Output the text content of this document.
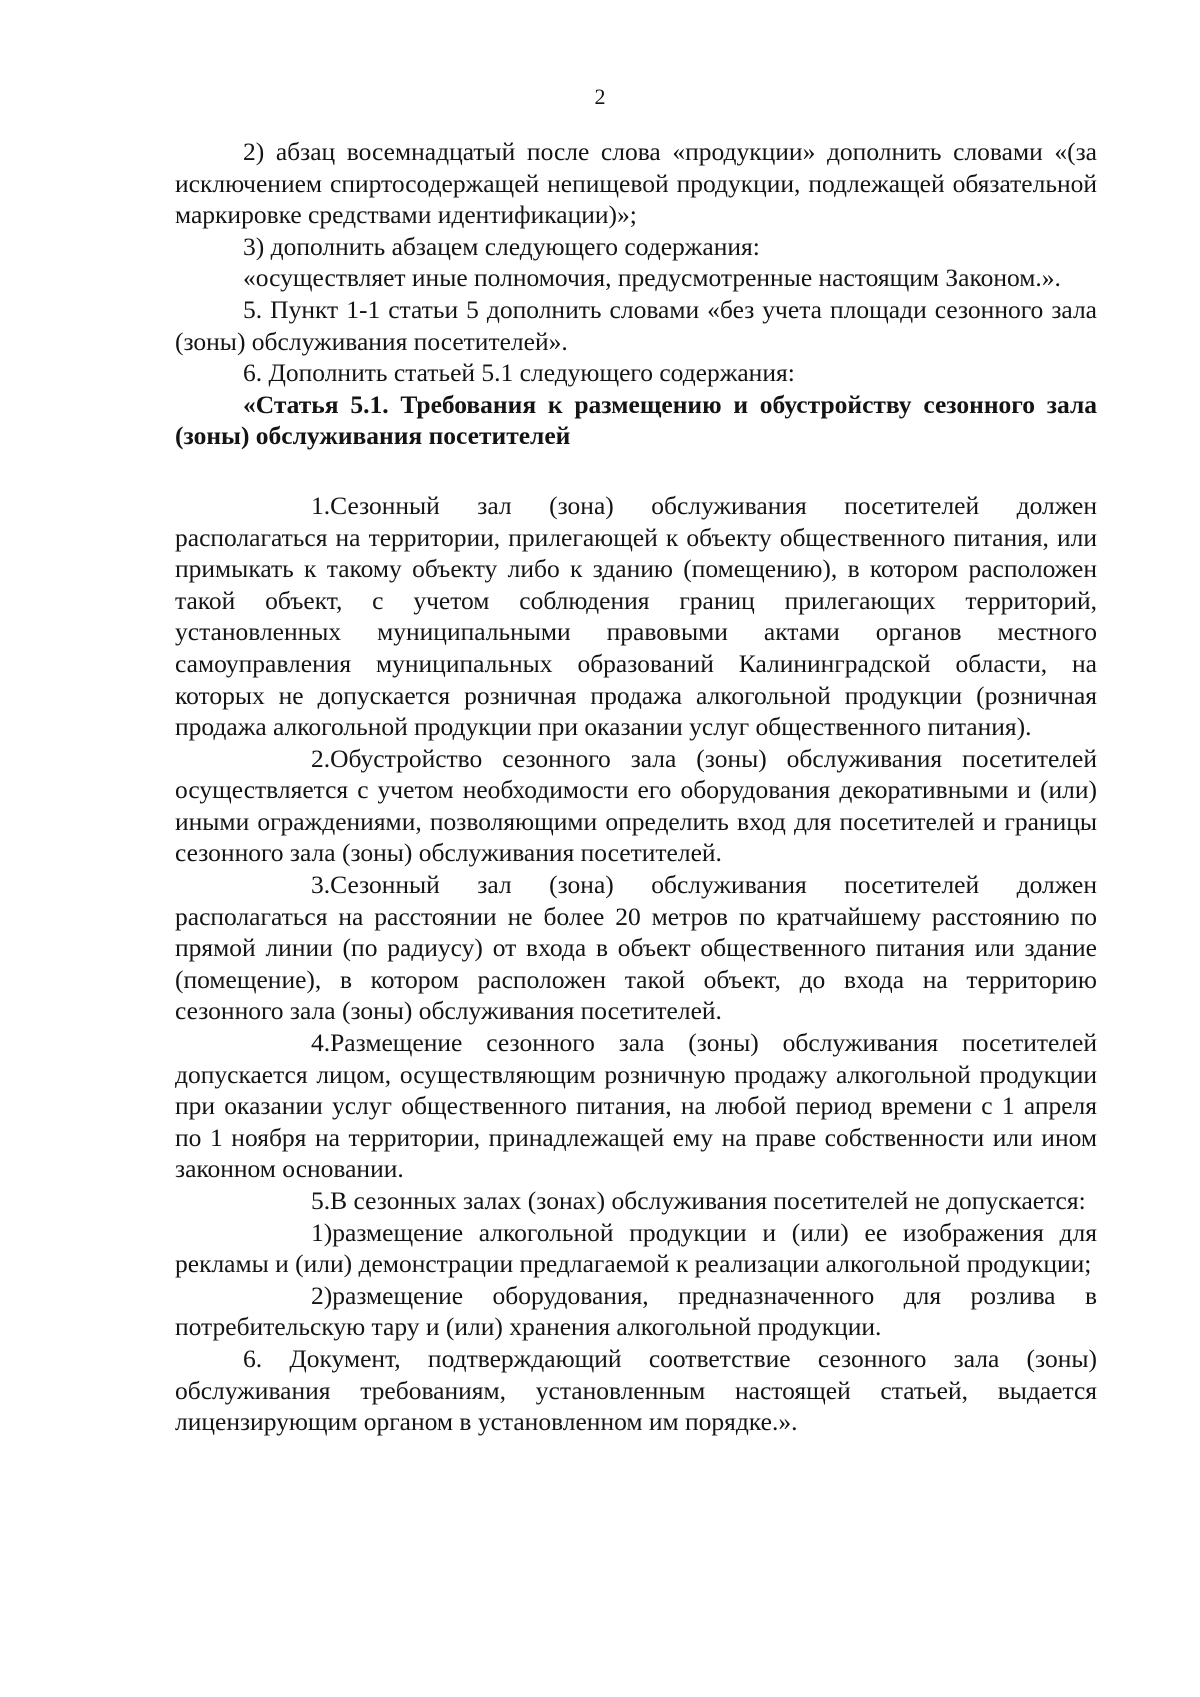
2

2) абзац восемнадцатый после слова «продукции» дополнить словами «(за исключением спиртосодержащей непищевой продукции, подлежащей обязательной маркировке средствами идентификации)»;

3) дополнить абзацем следующего содержания:

«осуществляет иные полномочия, предусмотренные настоящим Законом.».

5. Пункт 1-1 статьи 5 дополнить словами «без учета площади сезонного зала (зоны) обслуживания посетителей».

6. Дополнить статьей 5.1 следующего содержания:

«Статья 5.1. Требования к размещению и обустройству сезонного зала (зоны) обслуживания посетителей

1.Сезонный зал (зона) обслуживания посетителей должен располагаться на территории, прилегающей к объекту общественного питания, или примыкать к такому объекту либо к зданию (помещению), в котором расположен такой объект, с учетом соблюдения границ прилегающих территорий, установленных муниципальными правовыми актами органов местного самоуправления муниципальных образований Калининградской области, на которых не допускается розничная продажа алкогольной продукции (розничная продажа алкогольной продукции при оказании услуг общественного питания).

2.Обустройство сезонного зала (зоны) обслуживания посетителей осуществляется с учетом необходимости его оборудования декоративными и (или) иными ограждениями, позволяющими определить вход для посетителей и границы сезонного зала (зоны) обслуживания посетителей.

3.Сезонный зал (зона) обслуживания посетителей должен располагаться на расстоянии не более 20 метров по кратчайшему расстоянию по прямой линии (по радиусу) от входа в объект общественного питания или здание (помещение), в котором расположен такой объект, до входа на территорию сезонного зала (зоны) обслуживания посетителей.

4.Размещение сезонного зала (зоны) обслуживания посетителей допускается лицом, осуществляющим розничную продажу алкогольной продукции при оказании услуг общественного питания, на любой период времени с 1 апреля по 1 ноября на территории, принадлежащей ему на праве собственности или ином законном основании.

5.В сезонных залах (зонах) обслуживания посетителей не допускается:

1)размещение алкогольной продукции и (или) ее изображения для рекламы и (или) демонстрации предлагаемой к реализации алкогольной продукции;

2)размещение оборудования, предназначенного для розлива в потребительскую тару и (или) хранения алкогольной продукции.

6. Документ, подтверждающий соответствие сезонного зала (зоны) обслуживания требованиям, установленным настоящей статьей, выдается лицензирующим органом в установленном им порядке.».
